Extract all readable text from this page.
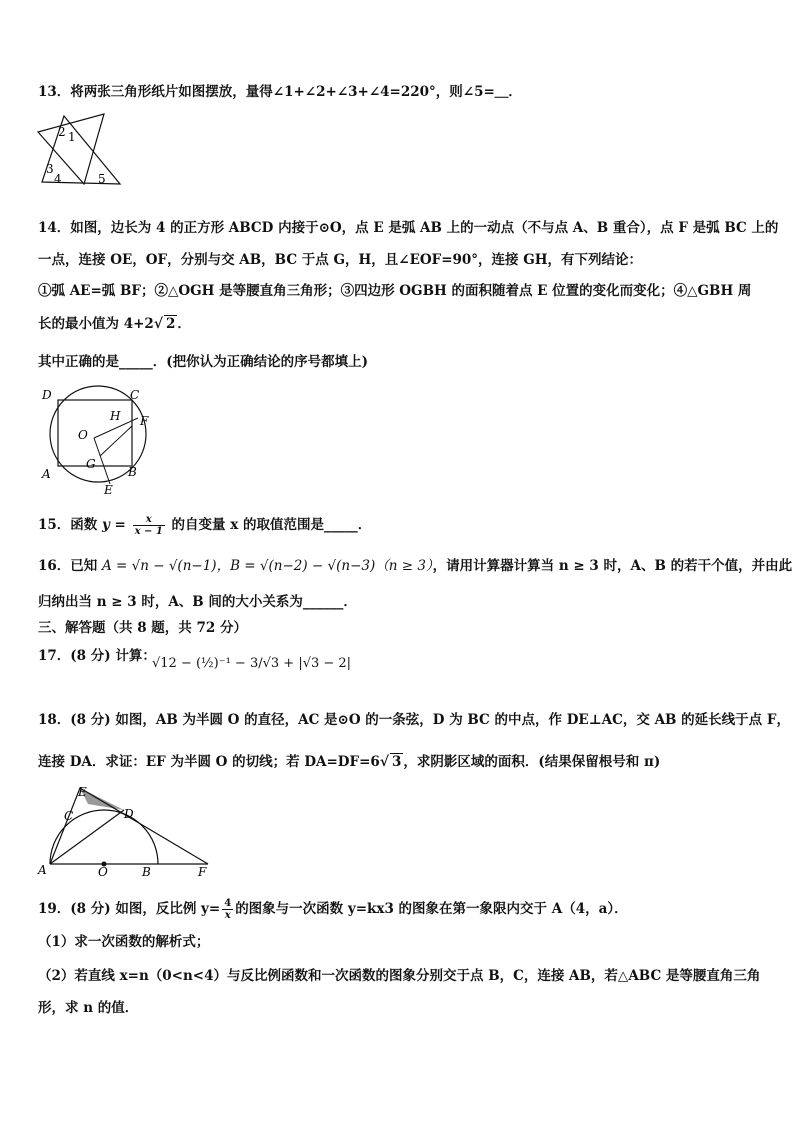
13．将两张三角形纸片如图摆放，量得∠1+∠2+∠3+∠4=220°，则∠5=＿．
2 1
3
4	5
14．如图，边长为 4 的正方形 ABCD 内接于⊙O，点 E 是弧 AB 上的一动点（不与点 A、B 重合），点 F 是弧 BC 上的
一点，连接 OE，OF，分别与交 AB，BC 于点 G，H，且∠EOF=90°，连接 GH，有下列结论：
①弧 AE=弧 BF；②△OGH 是等腰直角三角形；③四边形 OGBH 的面积随着点 E 位置的变化而变化；④△GBH 周
长的最小值为 4+2√ 2 ．
其中正确的是_____．(把你认为正确结论的序号都填上)
D	C
H F
O
G
A	B
E
15．函数 $y = \frac{x}{x - 1}$ 的自变量 x 的取值范围是_____．
16．已知 A = √n − √(n−1)，B = √(n−2) − √(n−3)（n ≥ 3），请用计算器计算当 n ≥ 3 时，A、B 的若干个值，并由此
归纳出当 n ≥ 3 时，A、B 间的大小关系为______．
三、解答题（共 8 题，共 72 分）
17．(8 分) 计算：
√12 − (½)⁻¹ − 3/√3 + |√3 − 2|
18．(8 分) 如图，AB 为半圆 O 的直径，AC 是⊙O 的一条弦，D 为 BC 的中点，作 DE⊥AC，交 AB 的延长线于点 F，
连接 DA．求证：EF 为半圆 O 的切线；若 DA=DF=6√ 3 ，求阴影区域的面积．(结果保留根号和 π)
E
C	D
A	O	B	F
19．(8 分) 如图，反比例 $y= \frac{4}{x}$ 的图象与一次函数 y=kx3 的图象在第一象限内交于 A（4，a）．
（1）求一次函数的解析式；
（2）若直线 x=n（0<n<4）与反比例函数和一次函数的图象分别交于点 B，C，连接 AB，若△ABC 是等腰直角三角
形，求 n 的值．
